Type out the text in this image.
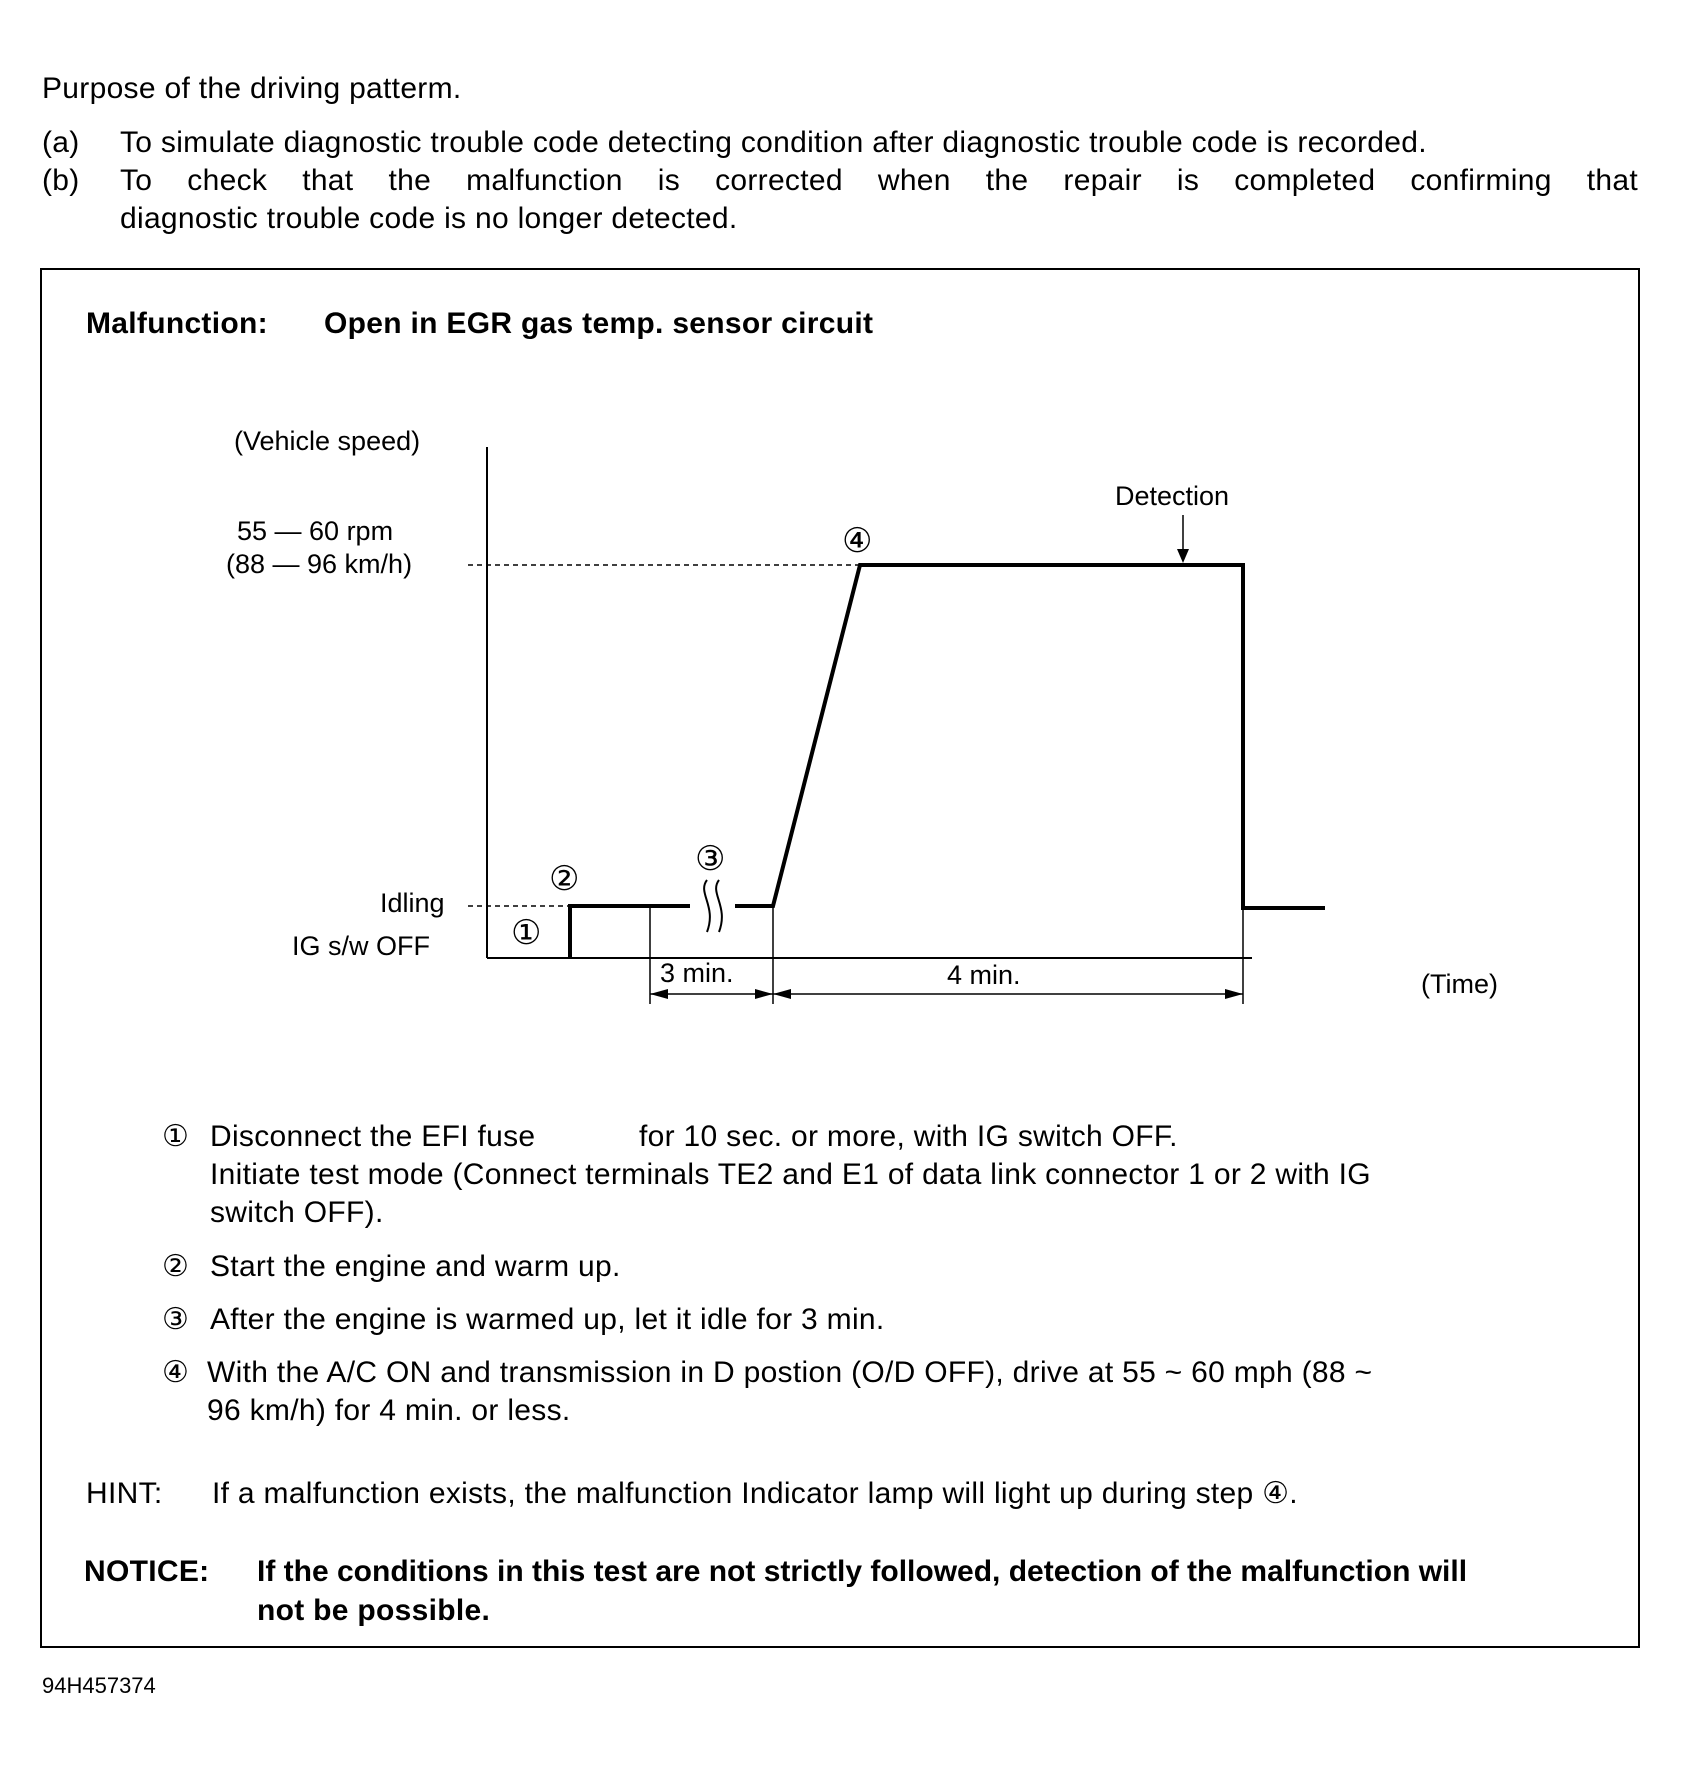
Purpose of the driving patterm.
(a) To simulate diagnostic trouble code detecting condition after diagnostic trouble code is recorded.
(b) To check that the malfunction is corrected when the repair is completed confirming that
diagnostic trouble code is no longer detected.
Malfunction: Open in EGR gas temp. sensor circuit
(Vehicle speed)
55 — 60 rpm
(88 — 96 km/h)
Idling
IG s/w OFF
(Time)
Detection
3 min.	4 min.
①
②
③
④
① Disconnect the EFI fuse            for 10 sec. or more, with IG switch OFF.
Initiate test mode (Connect terminals TE2 and E1 of data link connector 1 or 2 with IG
switch OFF).
② Start the engine and warm up.
③ After the engine is warmed up, let it idle for 3 min.
④ With the A/C ON and transmission in D postion (O/D OFF), drive at 55 ~ 60 mph (88 ~
96 km/h) for 4 min. or less.
HINT: If a malfunction exists, the malfunction Indicator lamp will light up during step ④.
NOTICE: If the conditions in this test are not strictly followed, detection of the malfunction will
not be possible.
94H457374
